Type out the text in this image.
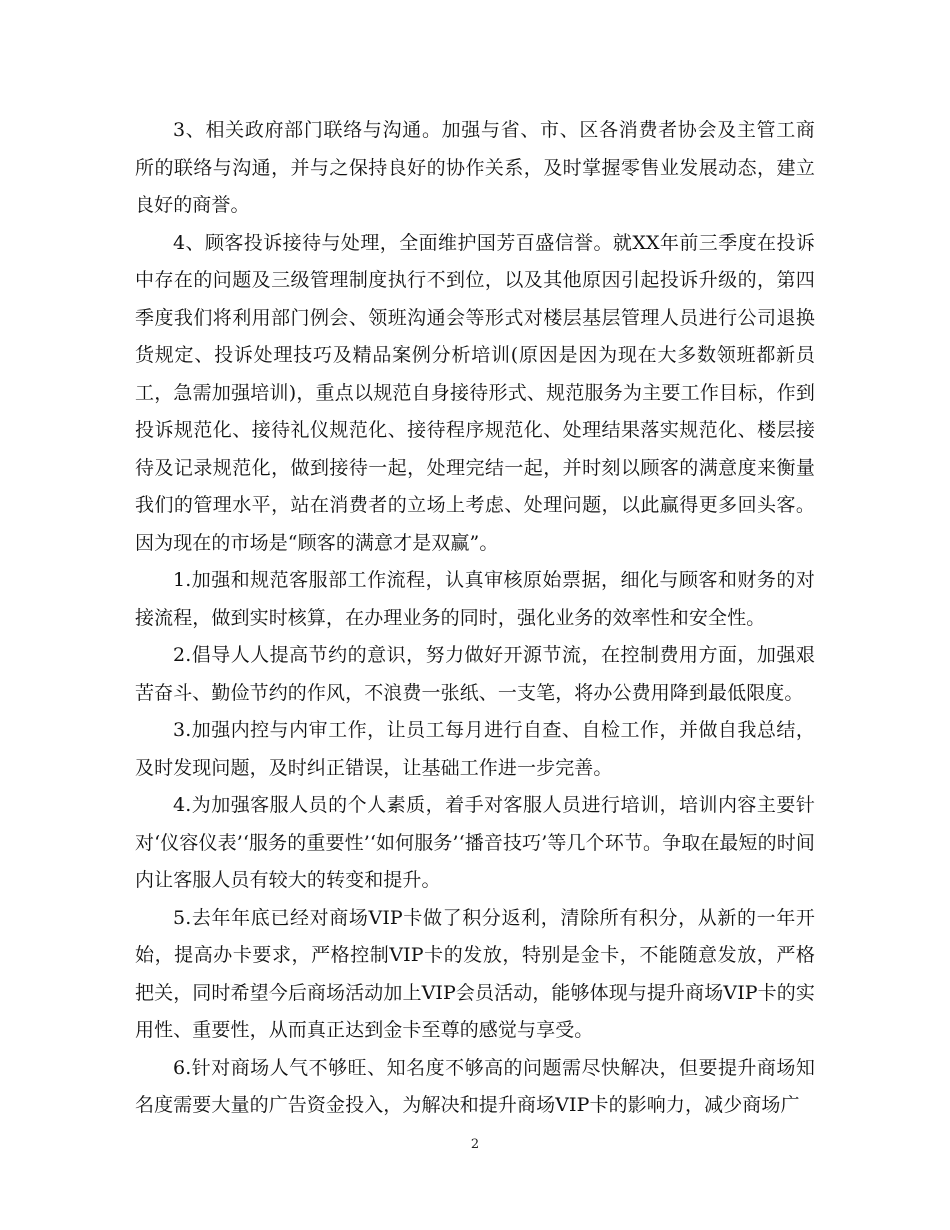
3、相关政府部门联络与沟通。加强与省、市、区各消费者协会及主管工商所的联络与沟通，并与之保持良好的协作关系，及时掌握零售业发展动态，建立良好的商誉。

4、顾客投诉接待与处理，全面维护国芳百盛信誉。就XX年前三季度在投诉中存在的问题及三级管理制度执行不到位，以及其他原因引起投诉升级的，第四季度我们将利用部门例会、领班沟通会等形式对楼层基层管理人员进行公司退换货规定、投诉处理技巧及精品案例分析培训(原因是因为现在大多数领班都新员工，急需加强培训)，重点以规范自身接待形式、规范服务为主要工作目标，作到投诉规范化、接待礼仪规范化、接待程序规范化、处理结果落实规范化、楼层接待及记录规范化，做到接待一起，处理完结一起，并时刻以顾客的满意度来衡量我们的管理水平，站在消费者的立场上考虑、处理问题，以此赢得更多回头客。因为现在的市场是“顾客的满意才是双赢”。

1.加强和规范客服部工作流程，认真审核原始票据，细化与顾客和财务的对接流程，做到实时核算，在办理业务的同时，强化业务的效率性和安全性。

2.倡导人人提高节约的意识，努力做好开源节流，在控制费用方面，加强艰苦奋斗、勤俭节约的作风，不浪费一张纸、一支笔，将办公费用降到最低限度。

3.加强内控与内审工作，让员工每月进行自查、自检工作，并做自我总结，及时发现问题，及时纠正错误，让基础工作进一步完善。

4.为加强客服人员的个人素质，着手对客服人员进行培训，培训内容主要针对‘仪容仪表’‘服务的重要性’‘如何服务’‘播音技巧’等几个环节。争取在最短的时间内让客服人员有较大的转变和提升。

5.去年年底已经对商场VIP卡做了积分返利，清除所有积分，从新的一年开始，提高办卡要求，严格控制VIP卡的发放，特别是金卡，不能随意发放，严格把关，同时希望今后商场活动加上VIP会员活动，能够体现与提升商场VIP卡的实用性、重要性，从而真正达到金卡至尊的感觉与享受。

6.针对商场人气不够旺、知名度不够高的问题需尽快解决，但要提升商场知名度需要大量的广告资金投入，为解决和提升商场VIP卡的影响力，减少商场广

2
